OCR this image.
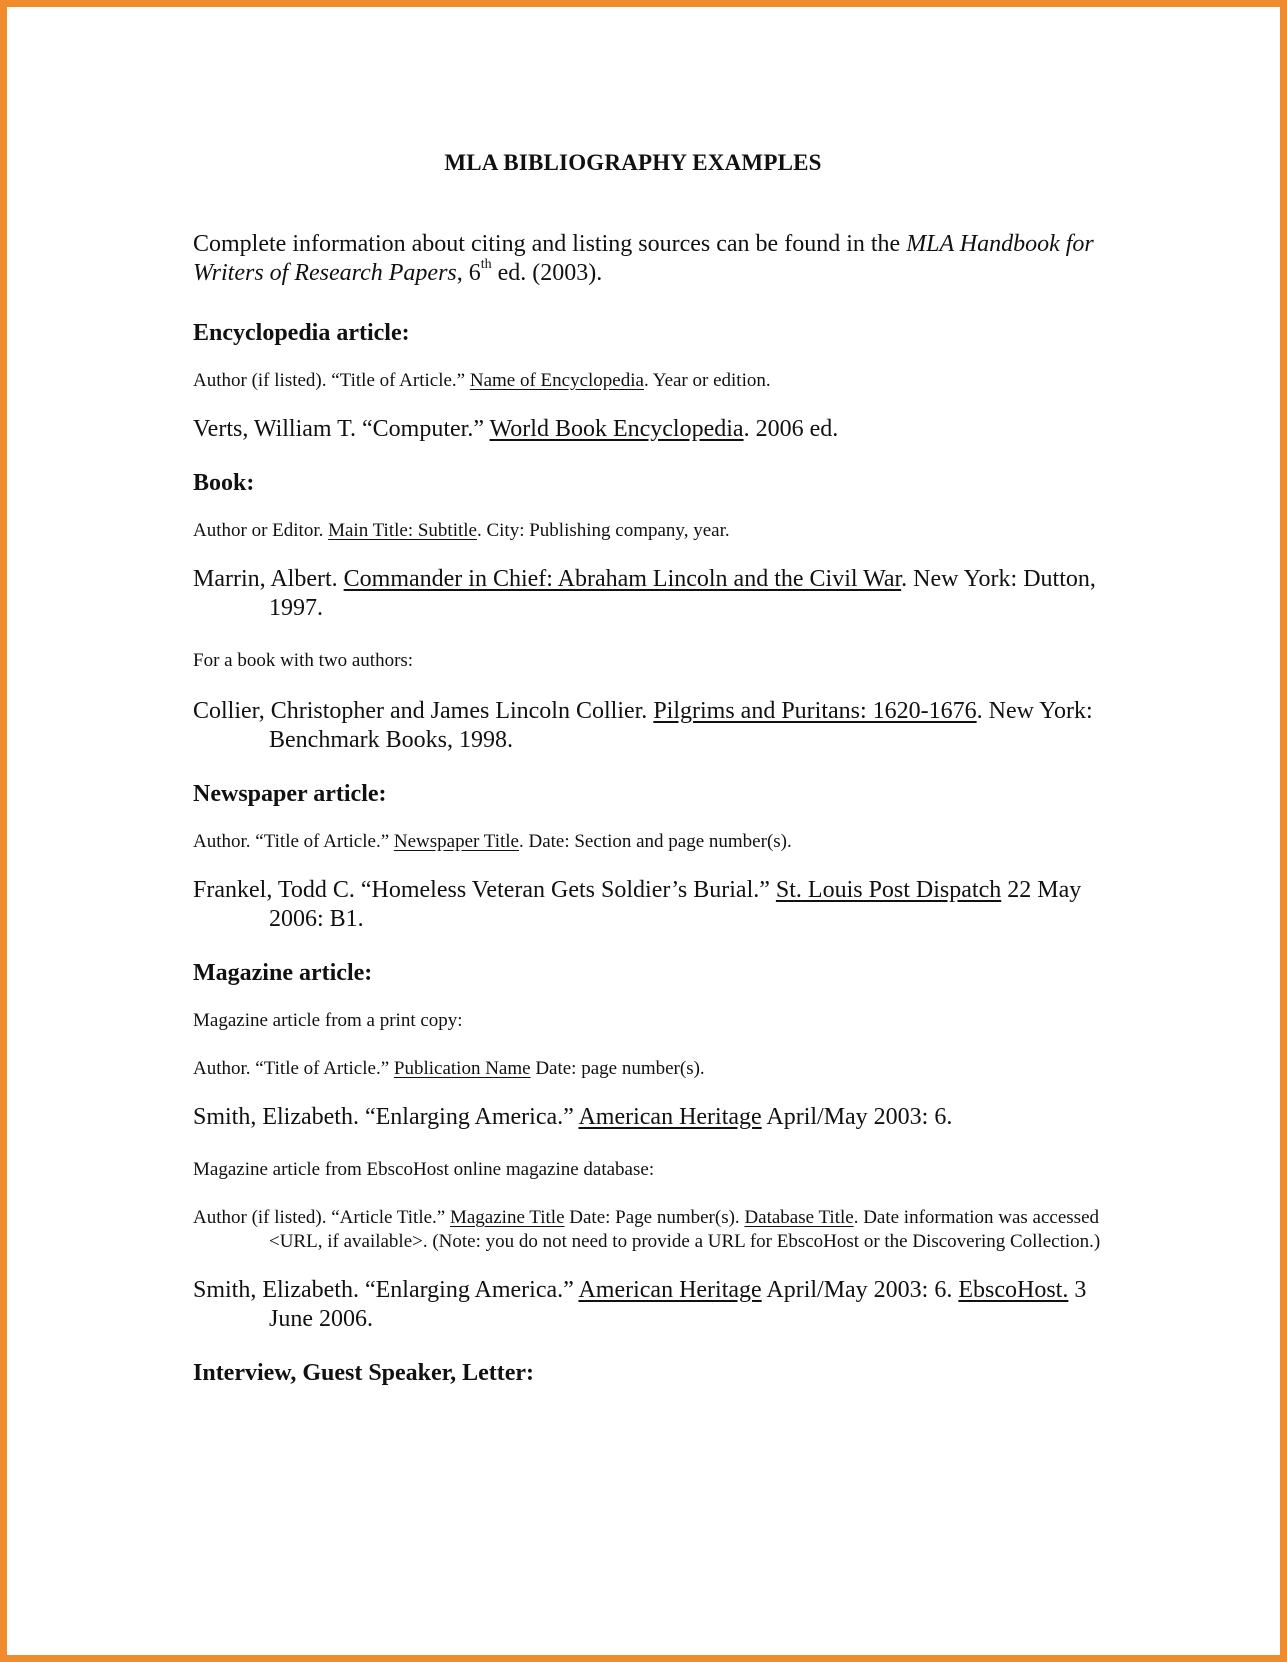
MLA BIBLIOGRAPHY EXAMPLES

Complete information about citing and listing sources can be found in the MLA Handbook for Writers of Research Papers, 6th ed. (2003).

Encyclopedia article:

Author (if listed). “Title of Article.” Name of Encyclopedia. Year or edition.

Verts, William T. “Computer.” World Book Encyclopedia. 2006 ed.

Book:

Author or Editor. Main Title: Subtitle. City: Publishing company, year.

Marrin, Albert. Commander in Chief: Abraham Lincoln and the Civil War. New York: Dutton, 1997.

For a book with two authors:

Collier, Christopher and James Lincoln Collier. Pilgrims and Puritans: 1620-1676. New York: Benchmark Books, 1998.

Newspaper article:

Author. “Title of Article.” Newspaper Title. Date: Section and page number(s).

Frankel, Todd C. “Homeless Veteran Gets Soldier’s Burial.” St. Louis Post Dispatch 22 May 2006: B1.

Magazine article:

Magazine article from a print copy:

Author. “Title of Article.” Publication Name Date: page number(s).

Smith, Elizabeth. “Enlarging America.” American Heritage April/May 2003: 6.

Magazine article from EbscoHost online magazine database:

Author (if listed). “Article Title.” Magazine Title Date: Page number(s). Database Title. Date information was accessed <URL, if available>. (Note: you do not need to provide a URL for EbscoHost or the Discovering Collection.)

Smith, Elizabeth. “Enlarging America.” American Heritage April/May 2003: 6. EbscoHost. 3 June 2006.

Interview, Guest Speaker, Letter:
